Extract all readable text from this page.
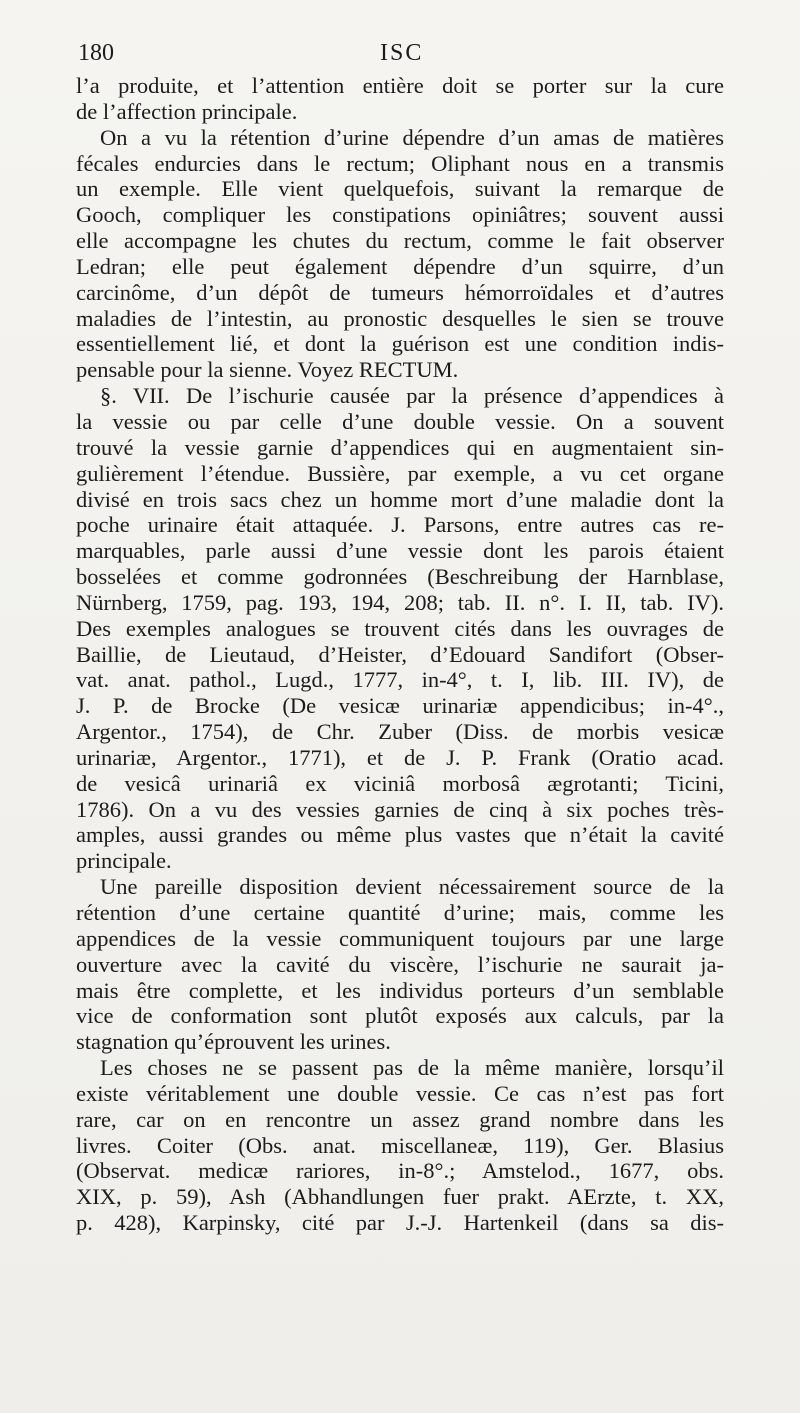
180	ISC
l’a produite, et l’attention entière doit se porter sur la cure
de l’affection principale.
On a vu la rétention d’urine dépendre d’un amas de matières
fécales endurcies dans le rectum; Oliphant nous en a transmis
un exemple. Elle vient quelquefois, suivant la remarque de
Gooch, compliquer les constipations opiniâtres; souvent aussi
elle accompagne les chutes du rectum, comme le fait observer
Ledran; elle peut également dépendre d’un squirre, d’un
carcinôme, d’un dépôt de tumeurs hémorroïdales et d’autres
maladies de l’intestin, au pronostic desquelles le sien se trouve
essentiellement lié, et dont la guérison est une condition indis-
pensable pour la sienne. Voyez RECTUM.
§. VII. De l’ischurie causée par la présence d’appendices à
la vessie ou par celle d’une double vessie. On a souvent
trouvé la vessie garnie d’appendices qui en augmentaient sin-
gulièrement l’étendue. Bussière, par exemple, a vu cet organe
divisé en trois sacs chez un homme mort d’une maladie dont la
poche urinaire était attaquée. J. Parsons, entre autres cas re-
marquables, parle aussi d’une vessie dont les parois étaient
bosselées et comme godronnées (Beschreibung der Harnblase,
Nürnberg, 1759, pag. 193, 194, 208; tab. II. n°. I. II, tab. IV).
Des exemples analogues se trouvent cités dans les ouvrages de
Baillie, de Lieutaud, d’Heister, d’Edouard Sandifort (Obser-
vat. anat. pathol., Lugd., 1777, in-4°, t. I, lib. III. IV), de
J. P. de Brocke (De vesicæ urinariæ appendicibus; in-4°.,
Argentor., 1754), de Chr. Zuber (Diss. de morbis vesicæ
urinariæ, Argentor., 1771), et de J. P. Frank (Oratio acad.
de vesicâ urinariâ ex viciniâ morbosâ ægrotanti; Ticini,
1786). On a vu des vessies garnies de cinq à six poches très-
amples, aussi grandes ou même plus vastes que n’était la cavité
principale.
Une pareille disposition devient nécessairement source de la
rétention d’une certaine quantité d’urine; mais, comme les
appendices de la vessie communiquent toujours par une large
ouverture avec la cavité du viscère, l’ischurie ne saurait ja-
mais être complette, et les individus porteurs d’un semblable
vice de conformation sont plutôt exposés aux calculs, par la
stagnation qu’éprouvent les urines.
Les choses ne se passent pas de la même manière, lorsqu’il
existe véritablement une double vessie. Ce cas n’est pas fort
rare, car on en rencontre un assez grand nombre dans les
livres. Coiter (Obs. anat. miscellaneæ, 119), Ger. Blasius
(Observat. medicæ rariores, in-8°.; Amstelod., 1677, obs.
XIX, p. 59), Ash (Abhandlungen fuer prakt. AErzte, t. XX,
p. 428), Karpinsky, cité par J.-J. Hartenkeil (dans sa dis-
